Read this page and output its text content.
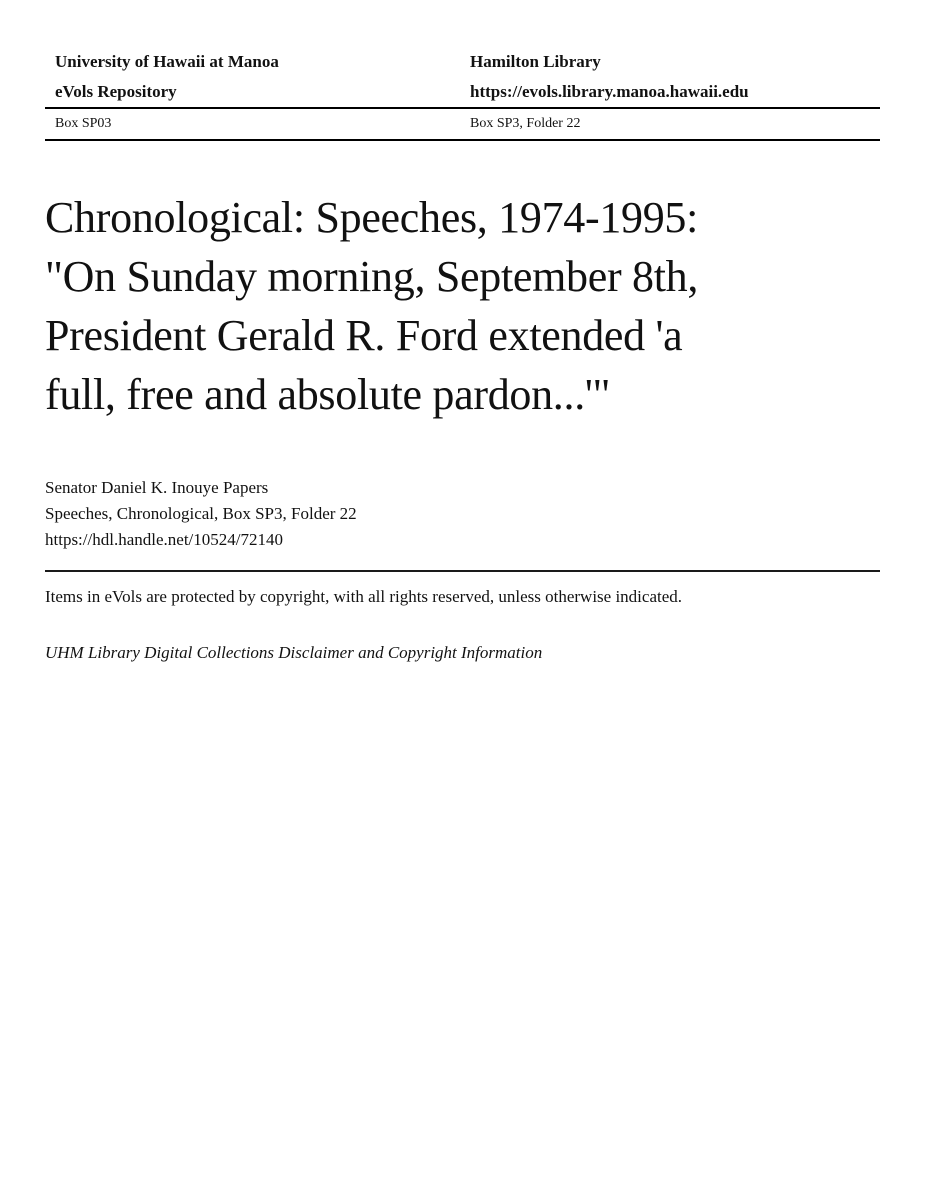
University of Hawaii at Manoa
eVols Repository
Hamilton Library
https://evols.library.manoa.hawaii.edu
Box SP03	Box SP3, Folder 22
Chronological: Speeches, 1974-1995:
"On Sunday morning, September 8th,
President Gerald R. Ford extended 'a
full, free and absolute pardon...'"
Senator Daniel K. Inouye Papers
Speeches, Chronological, Box SP3, Folder 22
https://hdl.handle.net/10524/72140

Items in eVols are protected by copyright, with all rights reserved, unless otherwise indicated.

UHM Library Digital Collections Disclaimer and Copyright Information
